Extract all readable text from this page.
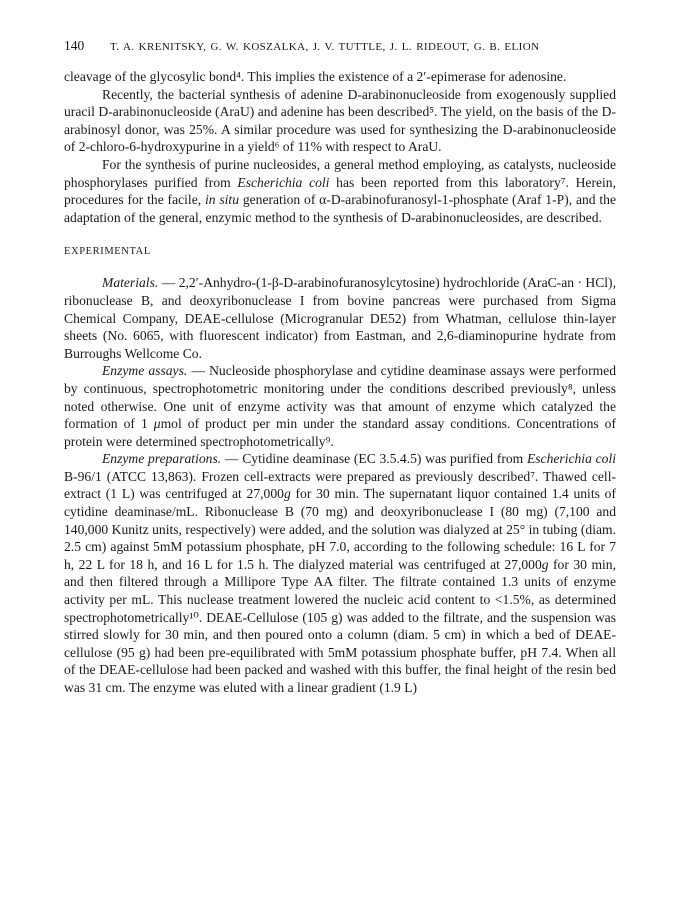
140	T. A. KRENITSKY, G. W. KOSZALKA, J. V. TUTTLE, J. L. RIDEOUT, G. B. ELION

cleavage of the glycosylic bond⁴. This implies the existence of a 2′-epimerase for adenosine.

Recently, the bacterial synthesis of adenine D-arabinonucleoside from exogenously supplied uracil D-arabinonucleoside (AraU) and adenine has been described⁵. The yield, on the basis of the D-arabinosyl donor, was 25%. A similar procedure was used for synthesizing the D-arabinonucleoside of 2-chloro-6-hydroxypurine in a yield⁶ of 11% with respect to AraU.

For the synthesis of purine nucleosides, a general method employing, as catalysts, nucleoside phosphorylases purified from Escherichia coli has been reported from this laboratory⁷. Herein, procedures for the facile, in situ generation of α-D-arabinofuranosyl-1-phosphate (Araf 1-P), and the adaptation of the general, enzymic method to the synthesis of D-arabinonucleosides, are described.

EXPERIMENTAL

Materials. — 2,2′-Anhydro-(1-β-D-arabinofuranosylcytosine) hydrochloride (AraC-an · HCl), ribonuclease B, and deoxyribonuclease I from bovine pancreas were purchased from Sigma Chemical Company, DEAE-cellulose (Microgranular DE52) from Whatman, cellulose thin-layer sheets (No. 6065, with fluorescent indicator) from Eastman, and 2,6-diaminopurine hydrate from Burroughs Wellcome Co.

Enzyme assays. — Nucleoside phosphorylase and cytidine deaminase assays were performed by continuous, spectrophotometric monitoring under the conditions described previously⁸, unless noted otherwise. One unit of enzyme activity was that amount of enzyme which catalyzed the formation of 1 μmol of product per min under the standard assay conditions. Concentrations of protein were determined spectrophotometrically⁹.

Enzyme preparations. — Cytidine deaminase (EC 3.5.4.5) was purified from Escherichia coli B-96/1 (ATCC 13,863). Frozen cell-extracts were prepared as previously described⁷. Thawed cell-extract (1 L) was centrifuged at 27,000g for 30 min. The supernatant liquor contained 1.4 units of cytidine deaminase/mL. Ribonuclease B (70 mg) and deoxyribonuclease I (80 mg) (7,100 and 140,000 Kunitz units, respectively) were added, and the solution was dialyzed at 25° in tubing (diam. 2.5 cm) against 5mM potassium phosphate, pH 7.0, according to the following schedule: 16 L for 7 h, 22 L for 18 h, and 16 L for 1.5 h. The dialyzed material was centrifuged at 27,000g for 30 min, and then filtered through a Millipore Type AA filter. The filtrate contained 1.3 units of enzyme activity per mL. This nuclease treatment lowered the nucleic acid content to <1.5%, as determined spectrophotometrically¹⁰. DEAE-Cellulose (105 g) was added to the filtrate, and the suspension was stirred slowly for 30 min, and then poured onto a column (diam. 5 cm) in which a bed of DEAE-cellulose (95 g) had been pre-equilibrated with 5mM potassium phosphate buffer, pH 7.4. When all of the DEAE-cellulose had been packed and washed with this buffer, the final height of the resin bed was 31 cm. The enzyme was eluted with a linear gradient (1.9 L)
